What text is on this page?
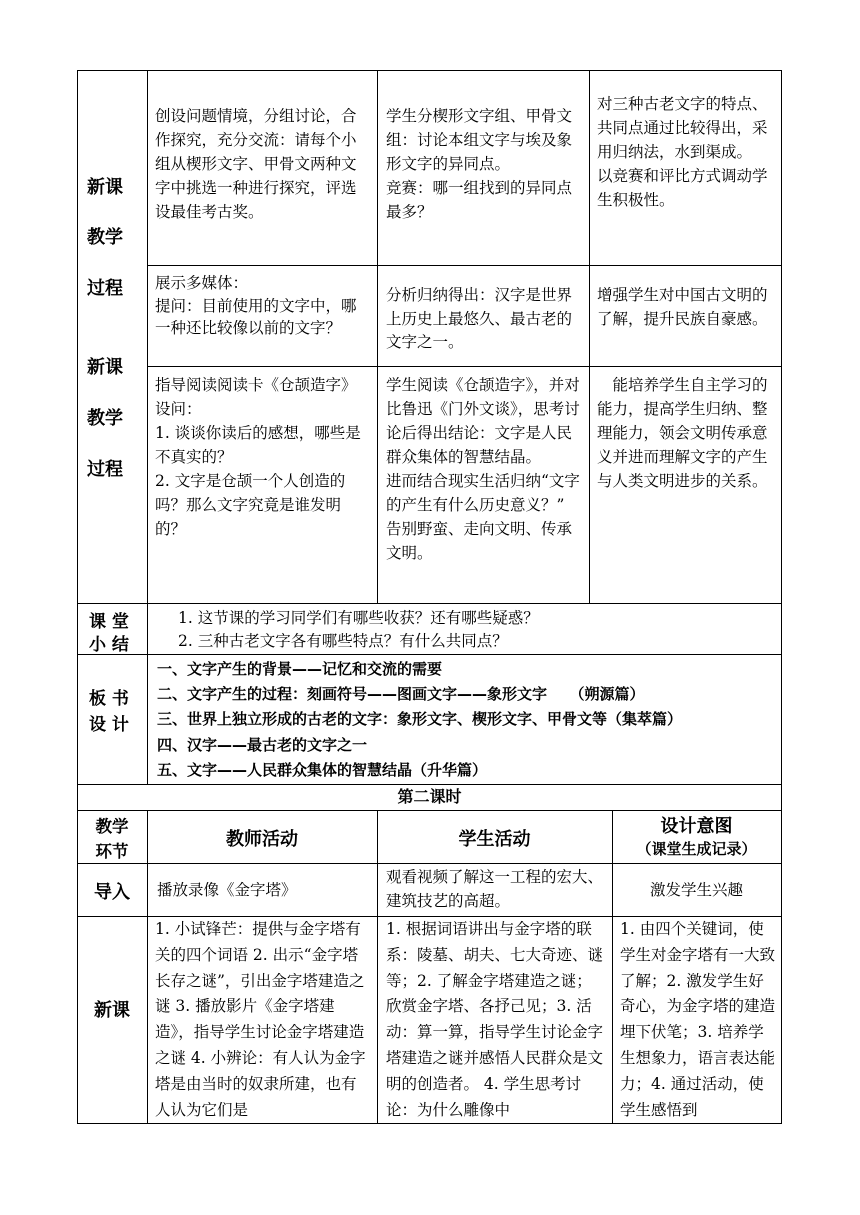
新课
教学
过程
新课
教学
过程
创设问题情境，分组讨论，合作探究，充分交流：请每个小组从楔形文字、甲骨文两种文字中挑选一种进行探究，评选设最佳考古奖。
学生分楔形文字组、甲骨文组：讨论本组文字与埃及象形文字的异同点。
竞赛：哪一组找到的异同点最多？
对三种古老文字的特点、共同点通过比较得出，采用归纳法，水到渠成。
以竞赛和评比方式调动学生积极性。
展示多媒体：
提问：目前使用的文字中，哪一种还比较像以前的文字？
分析归纳得出：汉字是世界上历史上最悠久、最古老的文字之一。
增强学生对中国古文明的了解，提升民族自豪感。
指导阅读阅读卡《仓颉造字》设问：
1. 谈谈你读后的感想，哪些是不真实的？
2. 文字是仓颉一个人创造的吗？那么文字究竟是谁发明的？
学生阅读《仓颉造字》，并对比鲁迅《门外文谈》，思考讨论后得出结论：文字是人民群众集体的智慧结晶。
进而结合现实生活归纳“文字的产生有什么历史意义？” 告别野蛮、走向文明、传承文明。
　能培养学生自主学习的能力，提高学生归纳、整理能力，领会文明传承意义并进而理解文字的产生与人类文明进步的关系。
课 堂
小 结
1. 这节课的学习同学们有哪些收获？还有哪些疑惑？
2. 三种古老文字各有哪些特点？有什么共同点？
板 书
设 计
一、文字产生的背景——记忆和交流的需要
二、文字产生的过程：刻画符号——图画文字——象形文字　　（朔源篇）
三、世界上独立形成的古老的文字：象形文字、楔形文字、甲骨文等（集萃篇）
四、汉字——最古老的文字之一
五、文字——人民群众集体的智慧结晶（升华篇）
第二课时
教学
环节
教师活动	学生活动
设计意图
（课堂生成记录）
导入	播放录像《金字塔》
观看视频了解这一工程的宏大、建筑技艺的高超。
激发学生兴趣
新课
1. 小试锋芒：提供与金字塔有关的四个词语 2. 出示“金字塔长存之谜”，引出金字塔建造之谜 3. 播放影片《金字塔建造》，指导学生讨论金字塔建造之谜 4. 小辨论：有人认为金字塔是由当时的奴隶所建，也有人认为它们是
1. 根据词语讲出与金字塔的联系：陵墓、胡夫、七大奇迹、谜等；2. 了解金字塔建造之谜； 欣赏金字塔、各抒己见；3. 活动：算一算，指导学生讨论金字塔建造之谜并感悟人民群众是文明的创造者。 4. 学生思考讨论：为什么雕像中
1. 由四个关键词，使学生对金字塔有一大致了解；2. 激发学生好奇心，为金字塔的建造埋下伏笔；3. 培养学生想象力，语言表达能力；4. 通过活动，使学生感悟到
